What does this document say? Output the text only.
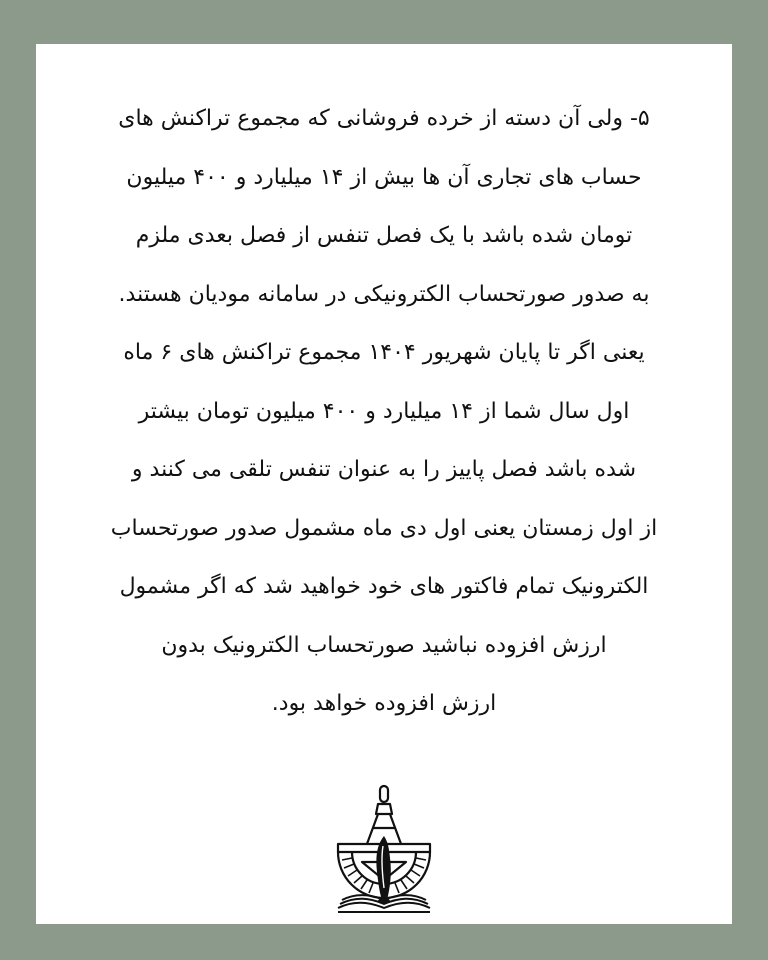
۵- ولی آن دسته از خرده فروشانی که مجموع تراکنش های
حساب های تجاری آن ها بیش از ۱۴ میلیارد و ۴۰۰ میلیون
تومان شده باشد با یک فصل تنفس از فصل بعدی ملزم
به صدور صورتحساب الکترونیکی در سامانه مودیان هستند.
یعنی اگر تا پایان شهریور ۱۴۰۴ مجموع تراکنش های ۶ ماه
اول سال شما از ۱۴ میلیارد و ۴۰۰ میلیون تومان بیشتر
شده باشد فصل پاییز را به عنوان تنفس تلقی می کنند و
از اول زمستان یعنی اول دی ماه مشمول صدور صورتحساب
الکترونیک تمام فاکتور های خود خواهید شد که اگر مشمول
ارزش افزوده نباشید صورتحساب الکترونیک بدون
ارزش افزوده خواهد بود.
